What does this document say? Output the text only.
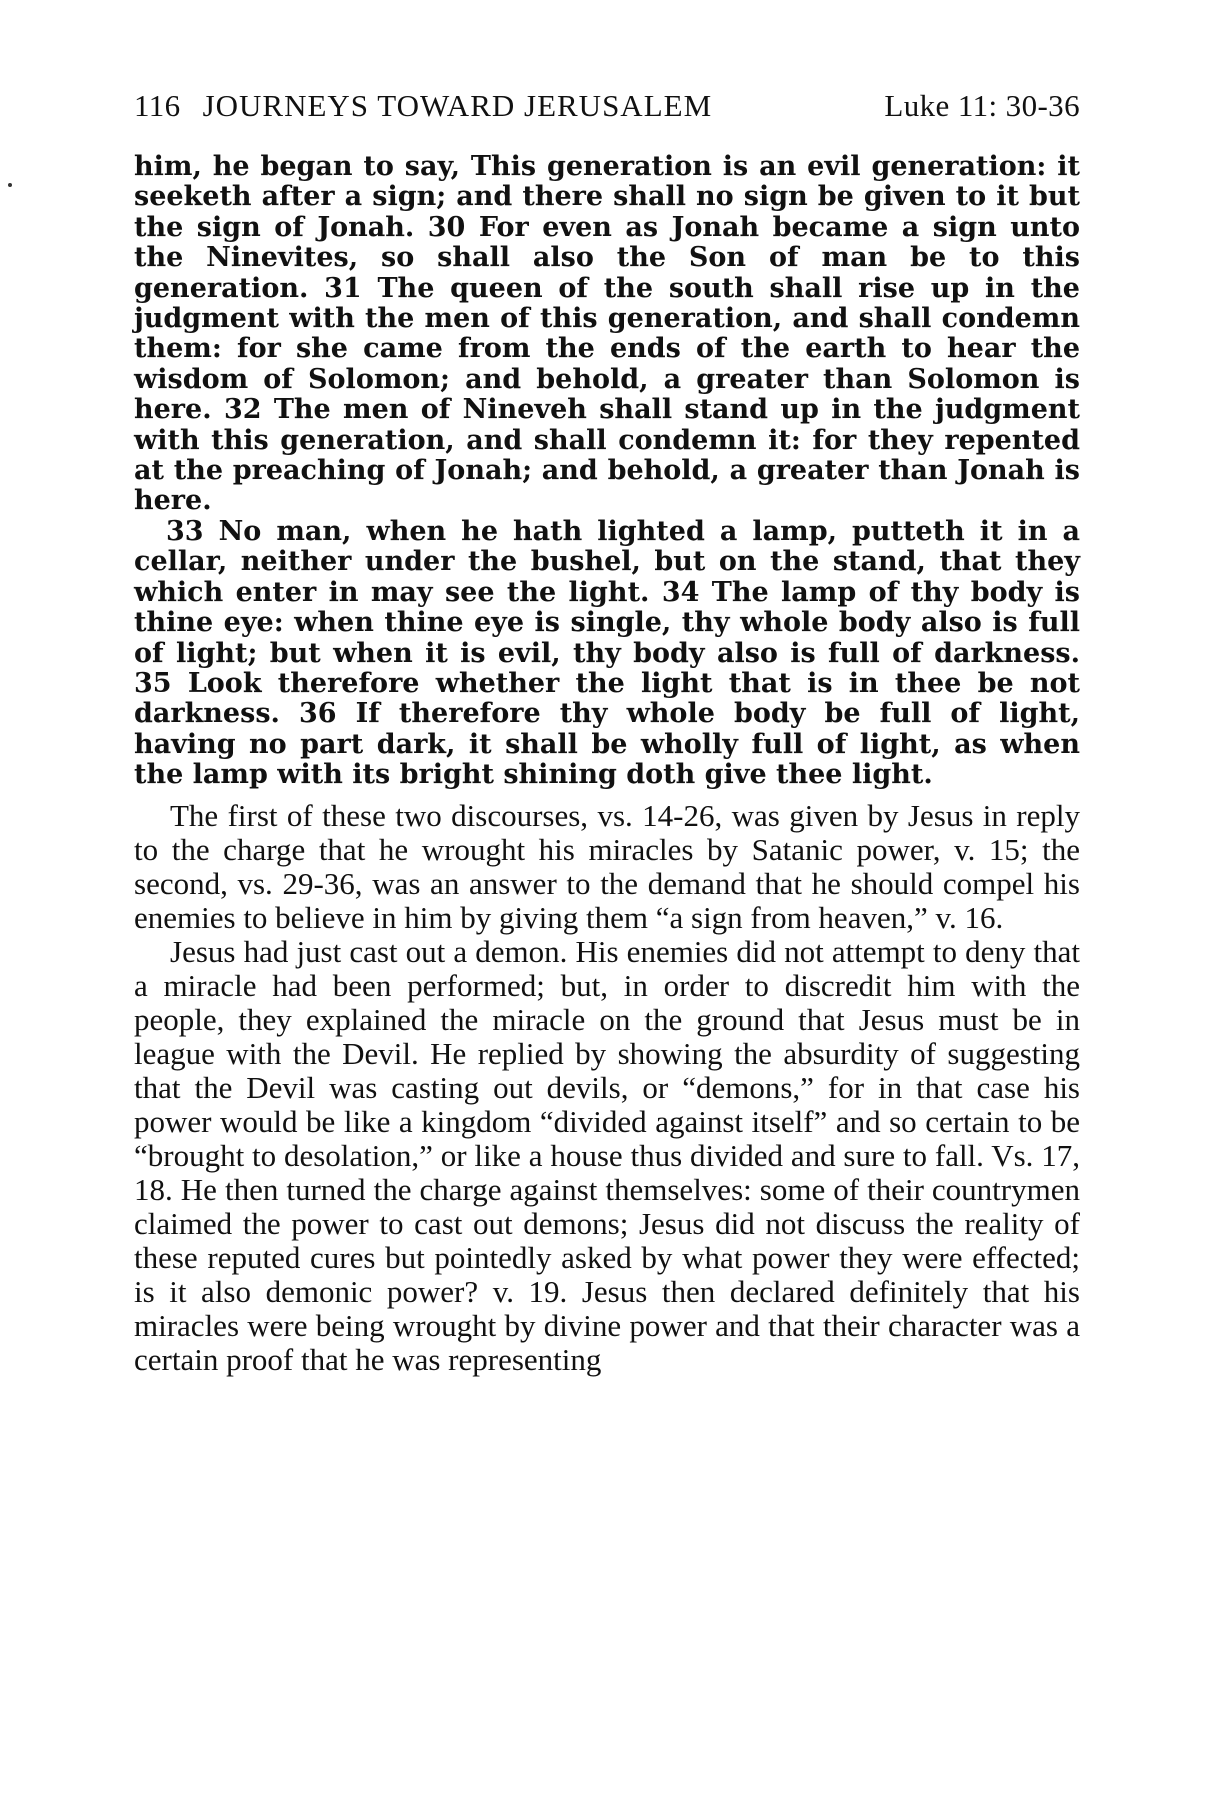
116 JOURNEYS TOWARD JERUSALEM	Luke 11: 30-36

him, he began to say, This generation is an evil generation: it seeketh after a sign; and there shall no sign be given to it but the sign of Jonah. 30 For even as Jonah became a sign unto the Ninevites, so shall also the Son of man be to this generation. 31 The queen of the south shall rise up in the judgment with the men of this generation, and shall condemn them: for she came from the ends of the earth to hear the wisdom of Solomon; and behold, a greater than Solomon is here. 32 The men of Nineveh shall stand up in the judgment with this generation, and shall condemn it: for they repented at the preaching of Jonah; and behold, a greater than Jonah is here.

33 No man, when he hath lighted a lamp, putteth it in a cellar, neither under the bushel, but on the stand, that they which enter in may see the light. 34 The lamp of thy body is thine eye: when thine eye is single, thy whole body also is full of light; but when it is evil, thy body also is full of darkness. 35 Look therefore whether the light that is in thee be not darkness. 36 If therefore thy whole body be full of light, having no part dark, it shall be wholly full of light, as when the lamp with its bright shining doth give thee light.

The first of these two discourses, vs. 14-26, was given by Jesus in reply to the charge that he wrought his miracles by Satanic power, v. 15; the second, vs. 29-36, was an answer to the demand that he should compel his enemies to believe in him by giving them “a sign from heaven,” v. 16.

Jesus had just cast out a demon. His enemies did not attempt to deny that a miracle had been performed; but, in order to discredit him with the people, they explained the miracle on the ground that Jesus must be in league with the Devil. He replied by showing the absurdity of suggesting that the Devil was casting out devils, or “demons,” for in that case his power would be like a kingdom “divided against itself” and so certain to be “brought to desolation,” or like a house thus divided and sure to fall. Vs. 17, 18. He then turned the charge against themselves: some of their countrymen claimed the power to cast out demons; Jesus did not discuss the reality of these reputed cures but pointedly asked by what power they were effected; is it also demonic power? v. 19. Jesus then declared definitely that his miracles were being wrought by divine power and that their character was a certain proof that he was representing
